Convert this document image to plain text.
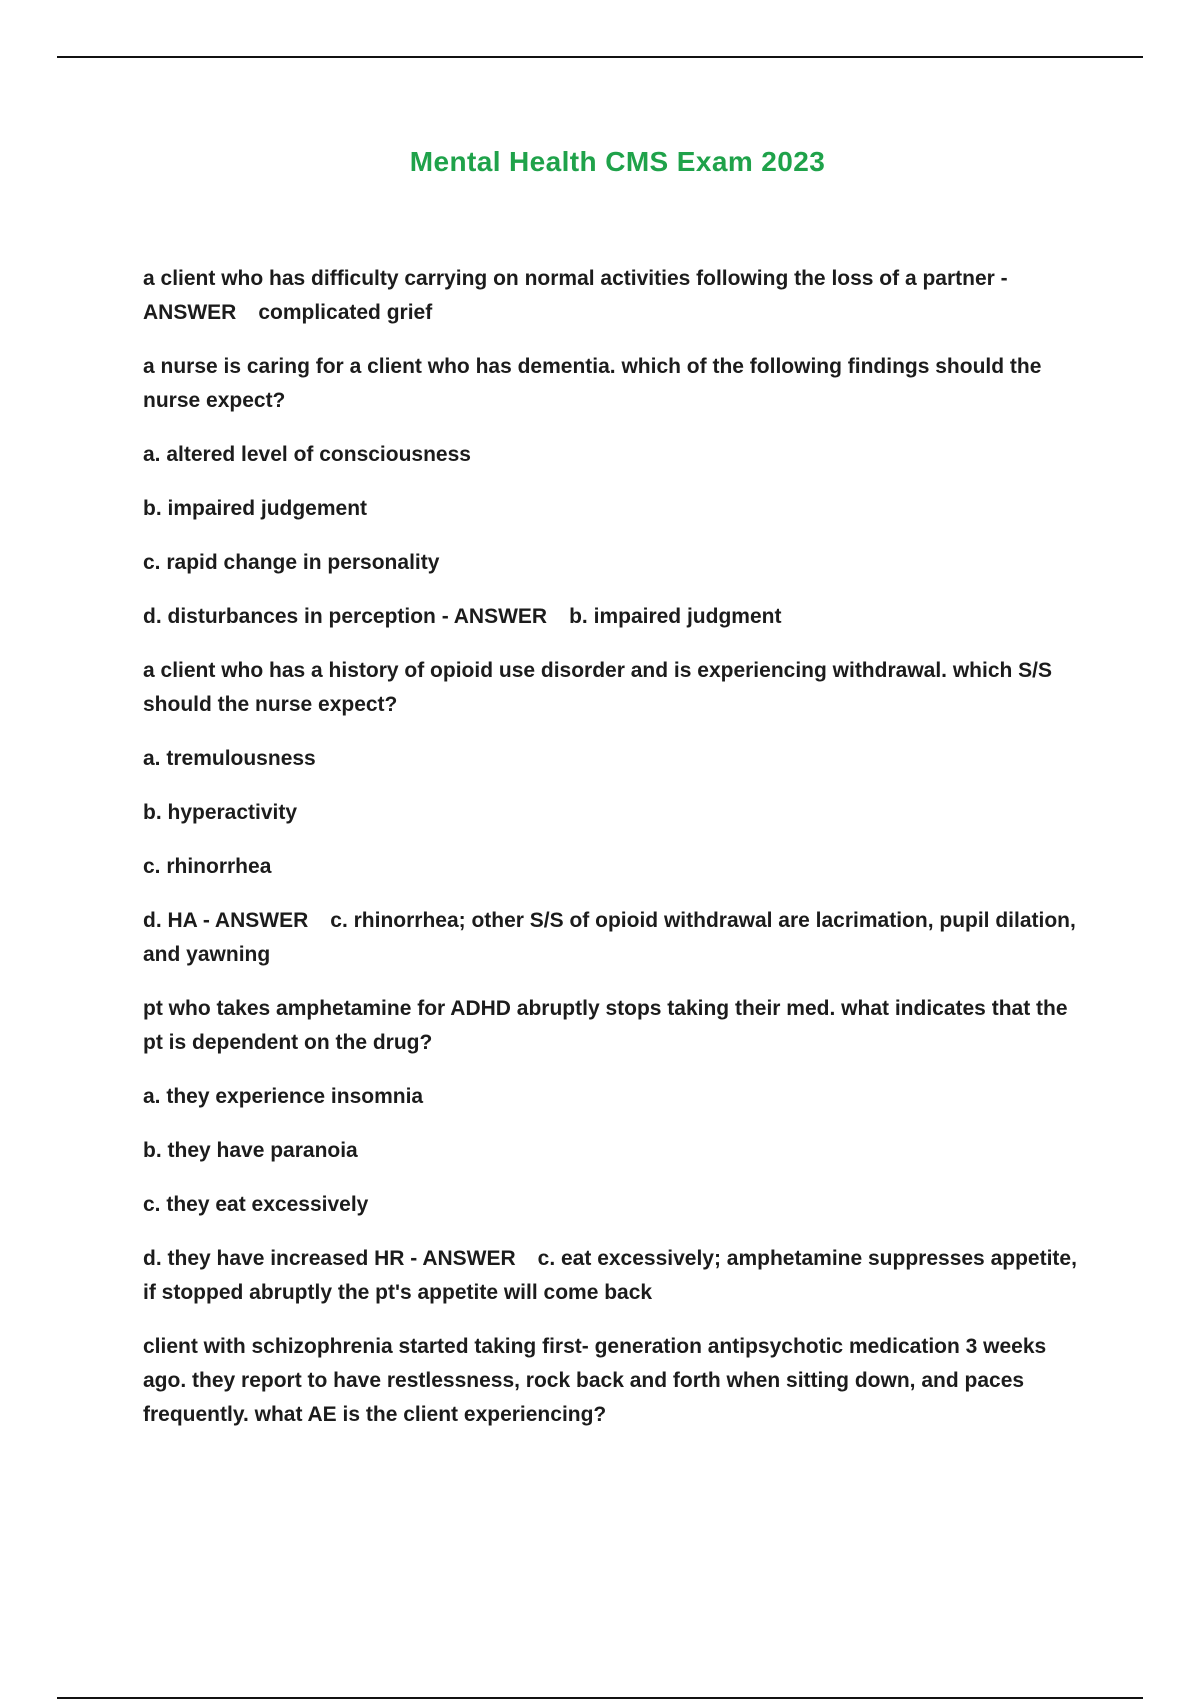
Mental Health CMS Exam 2023

a client who has difficulty carrying on normal activities following the loss of a partner - ANSWER complicated grief

a nurse is caring for a client who has dementia. which of the following findings should the nurse expect?

a. altered level of consciousness

b. impaired judgement

c. rapid change in personality

d. disturbances in perception - ANSWER b. impaired judgment

a client who has a history of opioid use disorder and is experiencing withdrawal. which S/S should the nurse expect?

a. tremulousness

b. hyperactivity

c. rhinorrhea

d. HA - ANSWER c. rhinorrhea; other S/S of opioid withdrawal are lacrimation, pupil dilation, and yawning

pt who takes amphetamine for ADHD abruptly stops taking their med. what indicates that the pt is dependent on the drug?

a. they experience insomnia

b. they have paranoia

c. they eat excessively

d. they have increased HR - ANSWER c. eat excessively; amphetamine suppresses appetite, if stopped abruptly the pt's appetite will come back

client with schizophrenia started taking first- generation antipsychotic medication 3 weeks ago. they report to have restlessness, rock back and forth when sitting down, and paces frequently. what AE is the client experiencing?
